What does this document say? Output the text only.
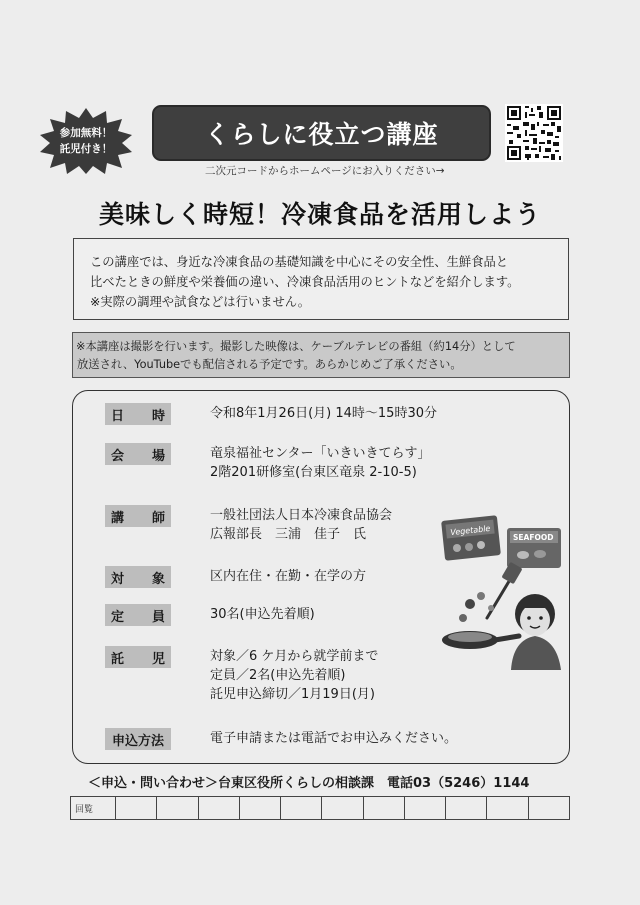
参加無料！
託児付き！	くらしに役立つ講座
二次元コードからホームページにお入りください→
美味しく時短！冷凍食品を活用しよう
この講座では、身近な冷凍食品の基礎知識を中心にその安全性、生鮮食品と
比べたときの鮮度や栄養価の違い、冷凍食品活用のヒントなどを紹介します。
※実際の調理や試食などは行いません。
※本講座は撮影を行います。撮影した映像は、ケーブルテレビの番組（約14分）として
放送され、YouTubeでも配信される予定です。あらかじめご了承ください。
日 時	令和8年1月26日(月) 14時〜15時30分
会 場	竜泉福祉センター「いきいきてらす」
2階201研修室(台東区竜泉 2-10-5)
講 師	一般社団法人日本冷凍食品協会
広報部長　三浦　佳子　氏
対 象	区内在住・在勤・在学の方
定 員	30名(申込先着順)
託 児	対象／6 ケ月から就学前まで
定員／2名(申込先着順)
託児申込締切／1月19日(月)
申込方法	電子申請または電話でお申込みください。
Vegetable
SEAFOOD
＜申込・問い合わせ＞台東区役所くらしの相談課　電話03（5246）1144
回覧											
